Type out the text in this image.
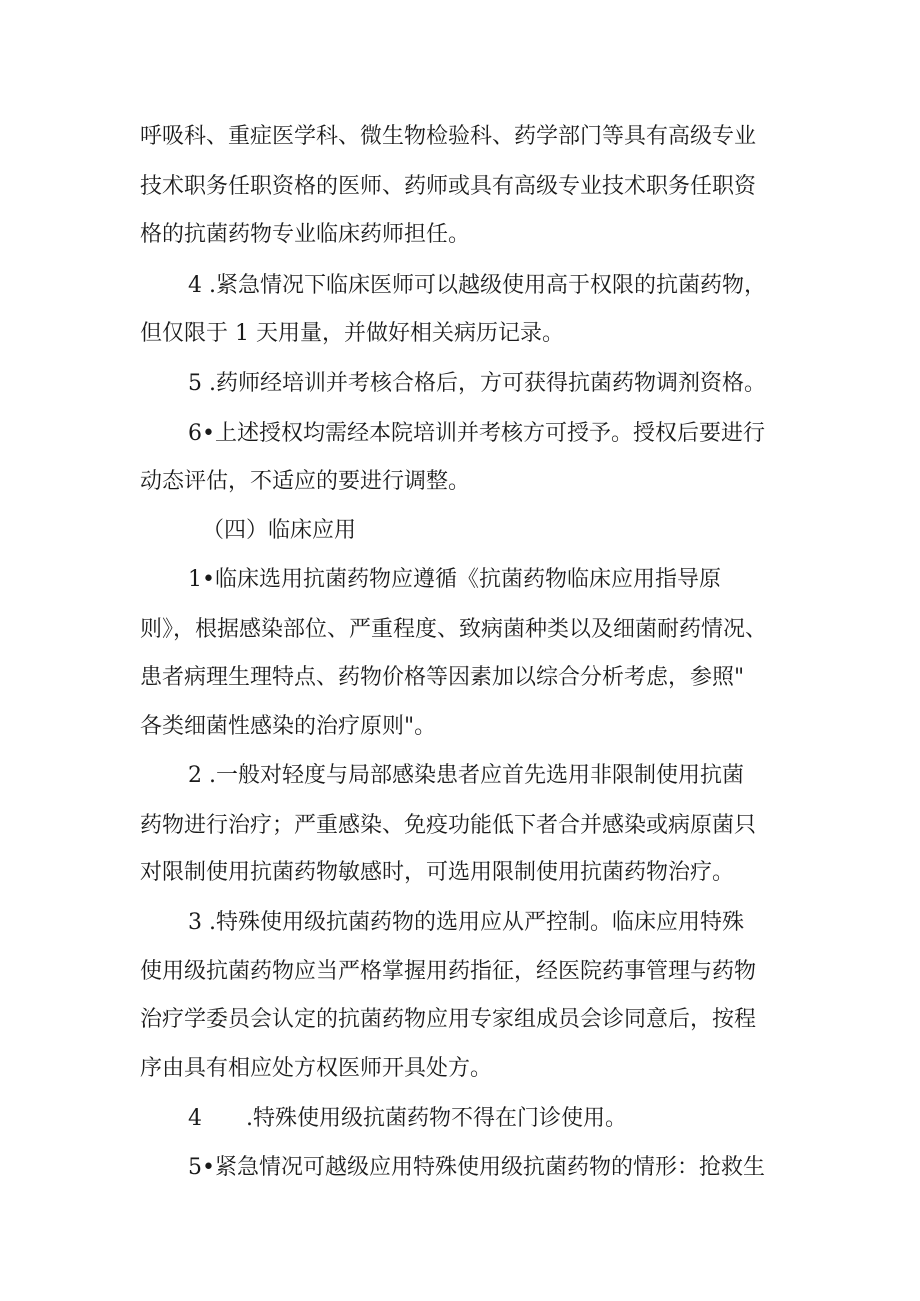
呼吸科、重症医学科、微生物检验科、药学部门等具有高级专业
技术职务任职资格的医师、药师或具有高级专业技术职务任职资
格的抗菌药物专业临床药师担任。
4 .紧急情况下临床医师可以越级使用高于权限的抗菌药物，
但仅限于 1 天用量，并做好相关病历记录。
5 .药师经培训并考核合格后，方可获得抗菌药物调剂资格。
6•上述授权均需经本院培训并考核方可授予。授权后要进行
动态评估，不适应的要进行调整。
（四）临床应用
1•临床选用抗菌药物应遵循《抗菌药物临床应用指导原
则》，根据感染部位、严重程度、致病菌种类以及细菌耐药情况、
患者病理生理特点、药物价格等因素加以综合分析考虑，参照"
各类细菌性感染的治疗原则"。
2 .一般对轻度与局部感染患者应首先选用非限制使用抗菌
药物进行治疗；严重感染、免疫功能低下者合并感染或病原菌只
对限制使用抗菌药物敏感时，可选用限制使用抗菌药物治疗。
3 .特殊使用级抗菌药物的选用应从严控制。临床应用特殊
使用级抗菌药物应当严格掌握用药指征，经医院药事管理与药物
治疗学委员会认定的抗菌药物应用专家组成员会诊同意后，按程
序由具有相应处方权医师开具处方。
4　　.特殊使用级抗菌药物不得在门诊使用。
5•紧急情况可越级应用特殊使用级抗菌药物的情形：抢救生
